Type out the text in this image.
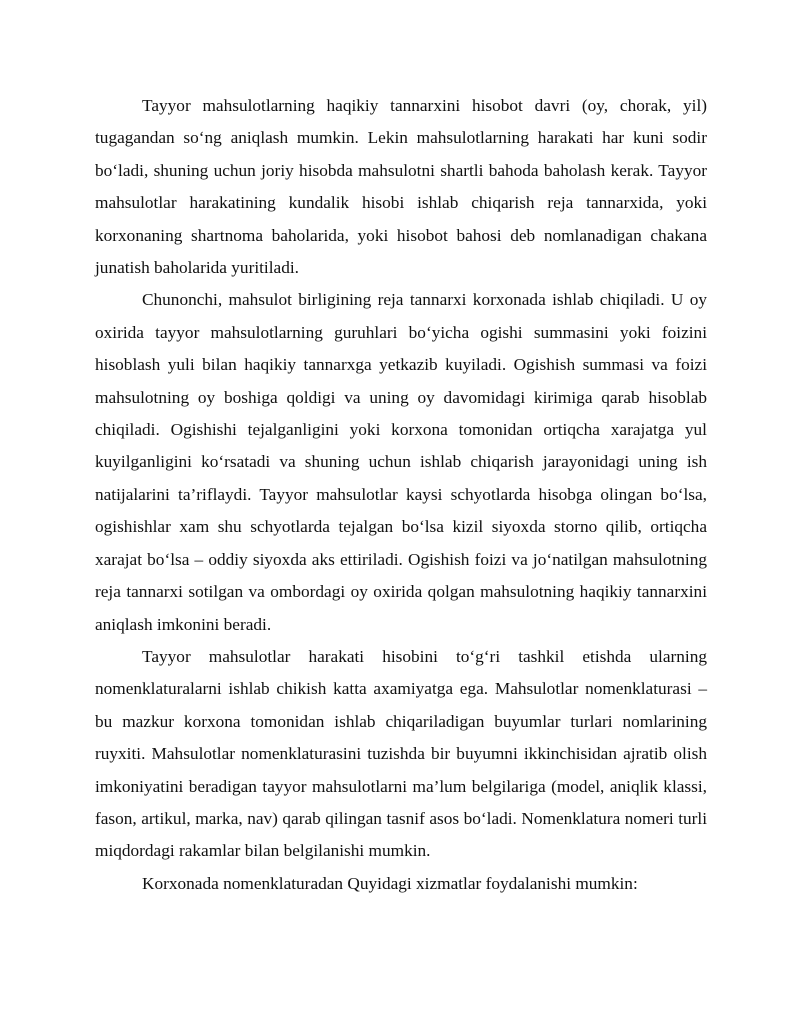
Tayyor mahsulotlarning haqikiy tannarxini hisobot davri (oy, chorak, yil) tugagandan so‘ng aniqlash mumkin. Lekin mahsulotlarning harakati har kuni sodir bo‘ladi, shuning uchun joriy hisobda mahsulotni shartli bahoda baholash kerak. Tayyor mahsulotlar harakatining kundalik hisobi ishlab chiqarish reja tannarxida, yoki korxonaning shartnoma baholarida, yoki hisobot bahosi deb nomlanadigan chakana junatish baholarida yuritiladi.

Chunonchi, mahsulot birligining reja tannarxi korxonada ishlab chiqiladi. U oy oxirida tayyor mahsulotlarning guruhlari bo‘yicha ogishi summasini yoki foizini hisoblash yuli bilan haqikiy tannarxga yetkazib kuyiladi. Ogishish summasi va foizi mahsulotning oy boshiga qoldigi va uning oy davomidagi kirimiga qarab hisoblab chiqiladi. Ogishishi tejalganligini yoki korxona tomonidan ortiqcha xarajatga yul kuyilganligini ko‘rsatadi va shuning uchun ishlab chiqarish jarayonidagi uning ish natijalarini ta’riflaydi. Tayyor mahsulotlar kaysi schyotlarda hisobga olingan bo‘lsa, ogishishlar xam shu schyotlarda tejalgan bo‘lsa kizil siyoxda storno qilib, ortiqcha xarajat bo‘lsa – oddiy siyoxda aks ettiriladi. Ogishish foizi va jo‘natilgan mahsulotning reja tannarxi sotilgan va ombordagi oy oxirida qolgan mahsulotning haqikiy tannarxini aniqlash imkonini beradi.

Tayyor mahsulotlar harakati hisobini to‘g‘ri tashkil etishda ularning nomenklaturalarni ishlab chikish katta axamiyatga ega. Mahsulotlar nomenklaturasi – bu mazkur korxona tomonidan ishlab chiqariladigan buyumlar turlari nomlarining ruyxiti. Mahsulotlar nomenklaturasini tuzishda bir buyumni ikkinchisidan ajratib olish imkoniyatini beradigan tayyor mahsulotlarni ma’lum belgilariga (model, aniqlik klassi, fason, artikul, marka, nav) qarab qilingan tasnif asos bo‘ladi. Nomenklatura nomeri turli miqdordagi rakamlar bilan belgilanishi mumkin.

Korxonada nomenklaturadan Quyidagi xizmatlar foydalanishi mumkin:
